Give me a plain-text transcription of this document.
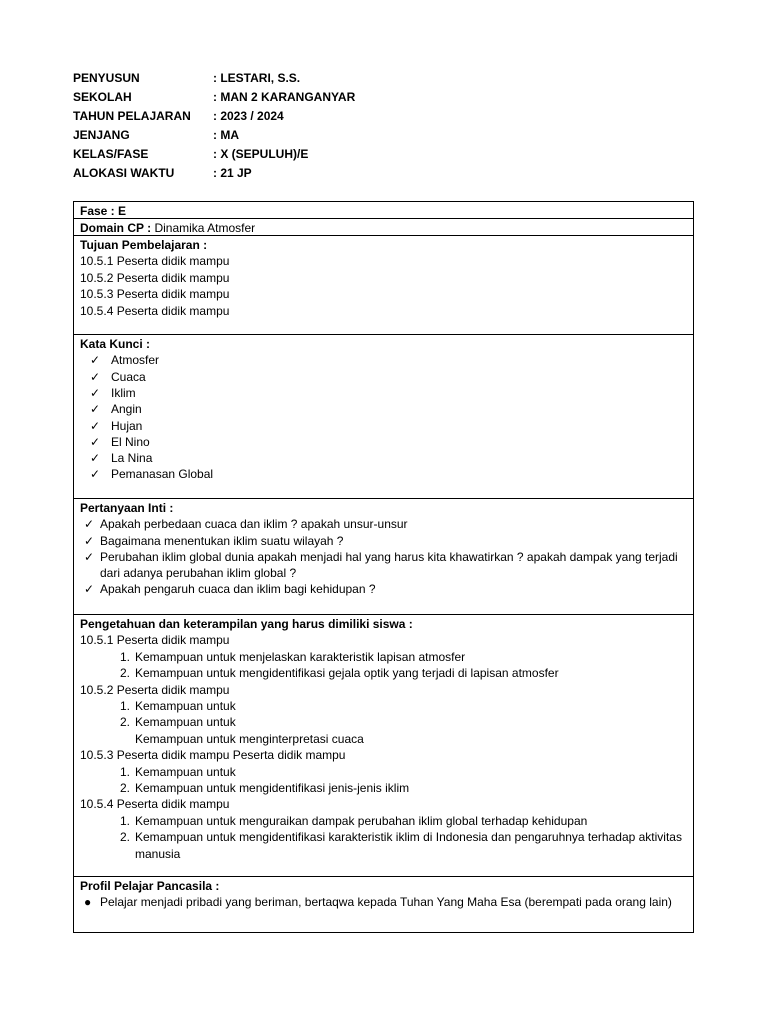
PENYUSUN	: LESTARI, S.S.
SEKOLAH	: MAN 2 KARANGANYAR
TAHUN PELAJARAN	: 2023 / 2024
JENJANG	: MA
KELAS/FASE	: X (SEPULUH)/E
ALOKASI WAKTU	: 21 JP
Fase : E
Domain CP : Dinamika Atmosfer
Tujuan Pembelajaran :
10.5.1 Peserta didik mampu
10.5.2 Peserta didik mampu
10.5.3 Peserta didik mampu
10.5.4 Peserta didik mampu
Kata Kunci :
✓ Atmosfer
✓ Cuaca
✓ Iklim
✓ Angin
✓ Hujan
✓ El Nino
✓ La Nina
✓ Pemanasan Global
Pertanyaan Inti :
✓ Apakah perbedaan cuaca dan iklim ? apakah unsur-unsur
✓ Bagaimana menentukan iklim suatu wilayah ?
✓ Perubahan iklim global dunia apakah menjadi hal yang harus kita khawatirkan ? apakah dampak yang terjadi dari adanya perubahan iklim global ?
✓ Apakah pengaruh cuaca dan iklim bagi kehidupan ?
Pengetahuan dan keterampilan yang harus dimiliki siswa :
10.5.1 Peserta didik mampu
1. Kemampuan untuk menjelaskan karakteristik lapisan atmosfer
2. Kemampuan untuk mengidentifikasi gejala optik yang terjadi di lapisan atmosfer
10.5.2 Peserta didik mampu
1. Kemampuan untuk
2. Kemampuan untuk
Kemampuan untuk menginterpretasi cuaca
10.5.3 Peserta didik mampu Peserta didik mampu
1. Kemampuan untuk
2. Kemampuan untuk mengidentifikasi jenis-jenis iklim
10.5.4 Peserta didik mampu
1. Kemampuan untuk menguraikan dampak perubahan iklim global terhadap kehidupan
2. Kemampuan untuk mengidentifikasi karakteristik iklim di Indonesia dan pengaruhnya terhadap aktivitas manusia
Profil Pelajar Pancasila :
● Pelajar menjadi pribadi yang beriman, bertaqwa kepada Tuhan Yang Maha Esa (berempati pada orang lain)
